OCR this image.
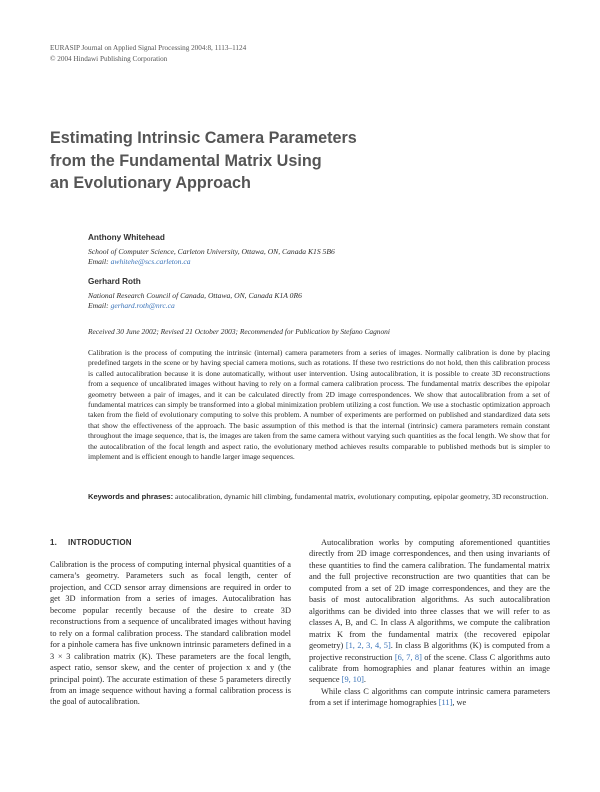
EURASIP Journal on Applied Signal Processing 2004:8, 1113–1124
© 2004 Hindawi Publishing Corporation
Estimating Intrinsic Camera Parameters
from the Fundamental Matrix Using
an Evolutionary Approach
Anthony Whitehead
School of Computer Science, Carleton University, Ottawa, ON, Canada K1S 5B6
Email: awhitehe@scs.carleton.ca
Gerhard Roth
National Research Council of Canada, Ottawa, ON, Canada K1A 0R6
Email: gerhard.roth@nrc.ca
Received 30 June 2002; Revised 21 October 2003; Recommended for Publication by Stefano Cagnoni

Calibration is the process of computing the intrinsic (internal) camera parameters from a series of images. Normally calibration is done by placing predefined targets in the scene or by having special camera motions, such as rotations. If these two restrictions do not hold, then this calibration process is called autocalibration because it is done automatically, without user intervention. Using autocalibration, it is possible to create 3D reconstructions from a sequence of uncalibrated images without having to rely on a formal camera calibration process. The fundamental matrix describes the epipolar geometry between a pair of images, and it can be calculated directly from 2D image correspondences. We show that autocalibration from a set of fundamental matrices can simply be transformed into a global minimization problem utilizing a cost function. We use a stochastic optimization approach taken from the field of evolutionary computing to solve this problem. A number of experiments are performed on published and standardized data sets that show the effectiveness of the approach. The basic assumption of this method is that the internal (intrinsic) camera parameters remain constant throughout the image sequence, that is, the images are taken from the same camera without varying such quantities as the focal length. We show that for the autocalibration of the focal length and aspect ratio, the evolutionary method achieves results comparable to published methods but is simpler to implement and is efficient enough to handle larger image sequences.

Keywords and phrases: autocalibration, dynamic hill climbing, fundamental matrix, evolutionary computing, epipolar geometry, 3D reconstruction.

1. INTRODUCTION

Calibration is the process of computing internal physical quantities of a camera’s geometry. Parameters such as focal length, center of projection, and CCD sensor array dimensions are required in order to get 3D information from a series of images. Autocalibration has become popular recently because of the desire to create 3D reconstructions from a sequence of uncalibrated images without having to rely on a formal calibration process. The standard calibration model for a pinhole camera has five unknown intrinsic parameters defined in a 3 × 3 calibration matrix (K). These parameters are the focal length, aspect ratio, sensor skew, and the center of projection x and y (the principal point). The accurate estimation of these 5 parameters directly from an image sequence without having a formal calibration process is the goal of autocalibration.

Autocalibration works by computing aforementioned quantities directly from 2D image correspondences, and then using invariants of these quantities to find the camera calibration. The fundamental matrix and the full projective reconstruction are two quantities that can be computed from a set of 2D image correspondences, and they are the basis of most autocalibration algorithms. As such autocalibration algorithms can be divided into three classes that we will refer to as classes A, B, and C. In class A algorithms, we compute the calibration matrix K from the fundamental matrix (the recovered epipolar geometry) [1, 2, 3, 4, 5]. In class B algorithms (K) is computed from a projective reconstruction [6, 7, 8] of the scene. Class C algorithms auto calibrate from homographies and planar features within an image sequence [9, 10].

While class C algorithms can compute intrinsic camera parameters from a set if interimage homographies [11], we
